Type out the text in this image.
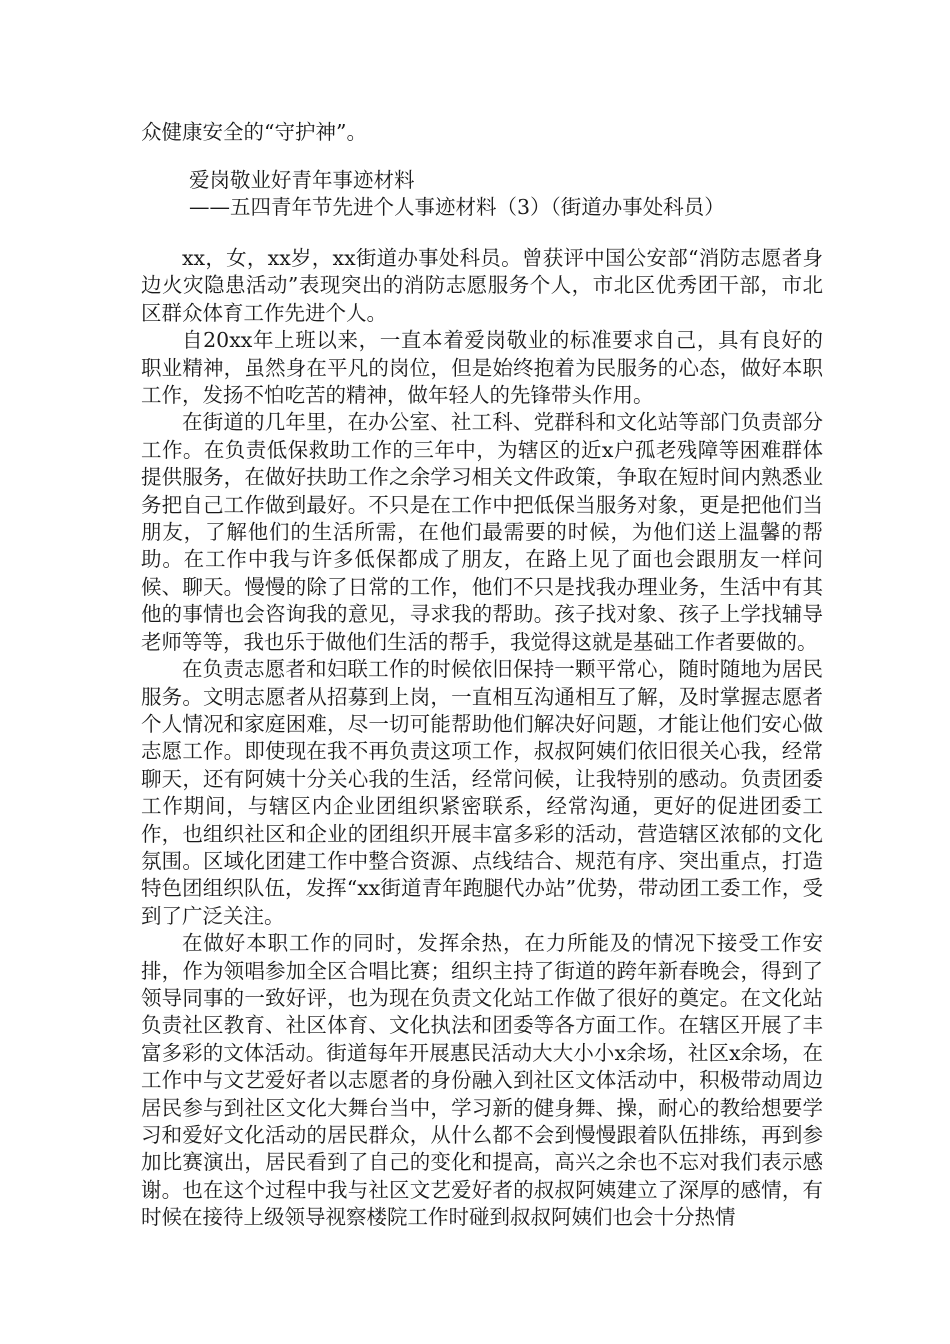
众健康安全的“守护神”。

爱岗敬业好青年事迹材料

——五四青年节先进个人事迹材料（3）（街道办事处科员）

xx，女，xx岁，xx街道办事处科员。曾获评中国公安部“消防志愿者身边火灾隐患活动”表现突出的消防志愿服务个人，市北区优秀团干部，市北区群众体育工作先进个人。

自20xx年上班以来，一直本着爱岗敬业的标准要求自己，具有良好的职业精神，虽然身在平凡的岗位，但是始终抱着为民服务的心态，做好本职工作，发扬不怕吃苦的精神，做年轻人的先锋带头作用。

在街道的几年里，在办公室、社工科、党群科和文化站等部门负责部分工作。在负责低保救助工作的三年中，为辖区的近x户孤老残障等困难群体提供服务，在做好扶助工作之余学习相关文件政策，争取在短时间内熟悉业务把自己工作做到最好。不只是在工作中把低保当服务对象，更是把他们当朋友，了解他们的生活所需，在他们最需要的时候，为他们送上温馨的帮助。在工作中我与许多低保都成了朋友，在路上见了面也会跟朋友一样问候、聊天。慢慢的除了日常的工作，他们不只是找我办理业务，生活中有其他的事情也会咨询我的意见，寻求我的帮助。孩子找对象、孩子上学找辅导老师等等，我也乐于做他们生活的帮手，我觉得这就是基础工作者要做的。

在负责志愿者和妇联工作的时候依旧保持一颗平常心，随时随地为居民服务。文明志愿者从招募到上岗，一直相互沟通相互了解，及时掌握志愿者个人情况和家庭困难，尽一切可能帮助他们解决好问题，才能让他们安心做志愿工作。即使现在我不再负责这项工作，叔叔阿姨们依旧很关心我，经常聊天，还有阿姨十分关心我的生活，经常问候，让我特别的感动。负责团委工作期间，与辖区内企业团组织紧密联系，经常沟通，更好的促进团委工作，也组织社区和企业的团组织开展丰富多彩的活动，营造辖区浓郁的文化氛围。区域化团建工作中整合资源、点线结合、规范有序、突出重点，打造特色团组织队伍，发挥“xx街道青年跑腿代办站”优势，带动团工委工作，受到了广泛关注。

在做好本职工作的同时，发挥余热，在力所能及的情况下接受工作安排，作为领唱参加全区合唱比赛；组织主持了街道的跨年新春晚会，得到了领导同事的一致好评，也为现在负责文化站工作做了很好的奠定。在文化站负责社区教育、社区体育、文化执法和团委等各方面工作。在辖区开展了丰富多彩的文体活动。街道每年开展惠民活动大大小小x余场，社区x余场，在工作中与文艺爱好者以志愿者的身份融入到社区文体活动中，积极带动周边居民参与到社区文化大舞台当中，学习新的健身舞、操，耐心的教给想要学习和爱好文化活动的居民群众，从什么都不会到慢慢跟着队伍排练，再到参加比赛演出，居民看到了自己的变化和提高，高兴之余也不忘对我们表示感谢。也在这个过程中我与社区文艺爱好者的叔叔阿姨建立了深厚的感情，有时候在接待上级领导视察楼院工作时碰到叔叔阿姨们也会十分热情
